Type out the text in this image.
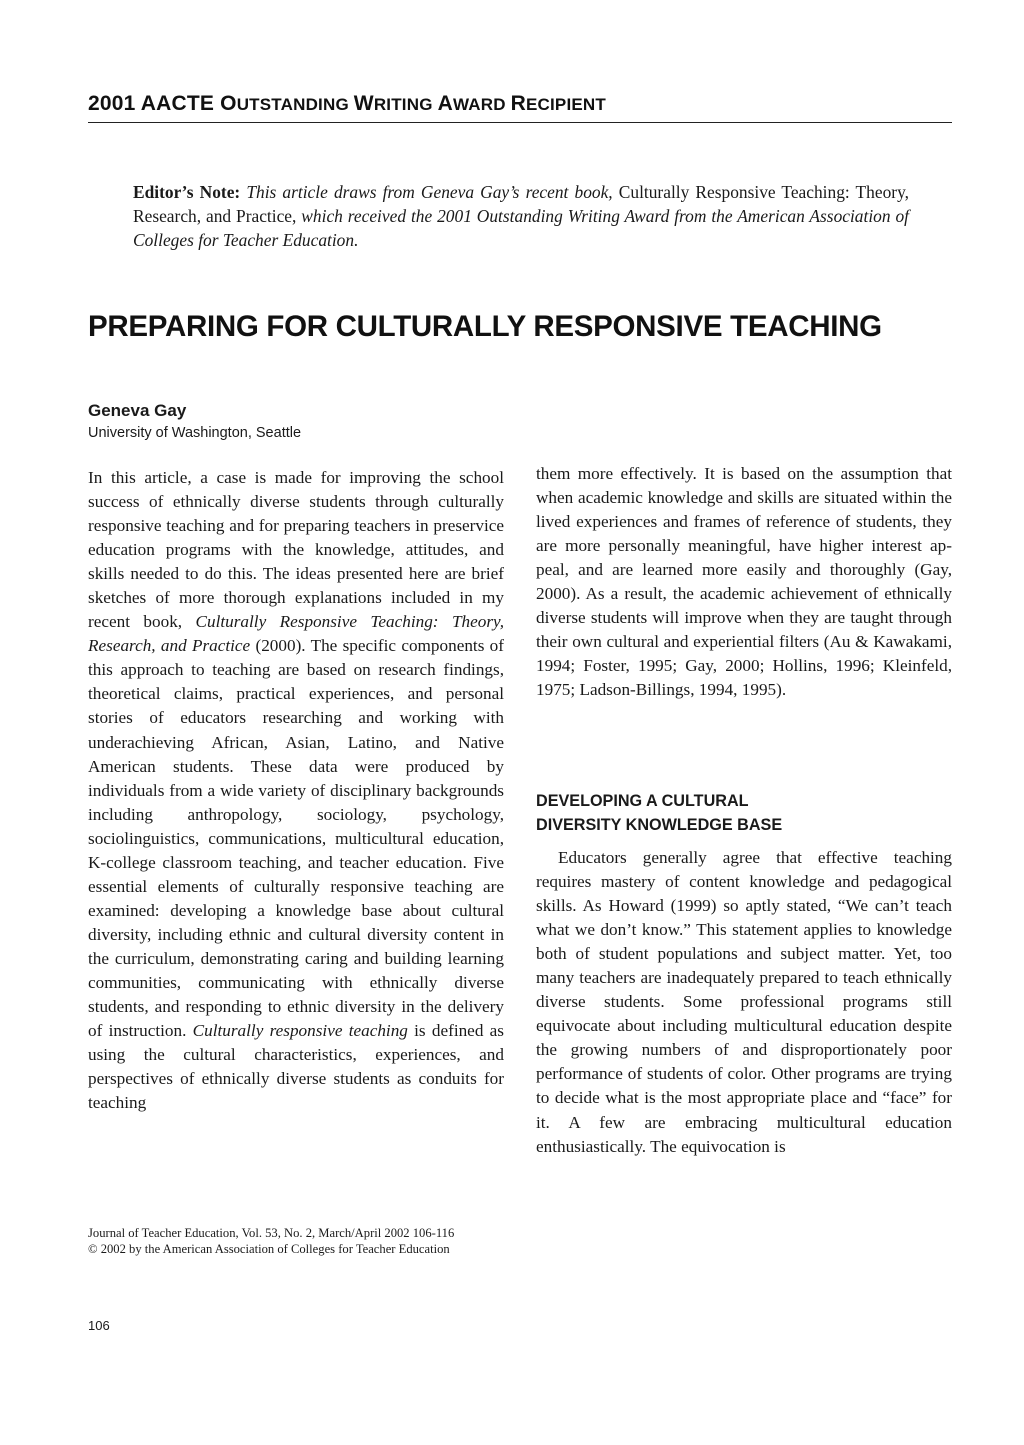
2001 AACTE OUTSTANDING WRITING AWARD RECIPIENT

Editor’s Note: This article draws from Geneva Gay’s recent book, Culturally Responsive Teaching: Theory, Research, and Practice, which received the 2001 Outstanding Writing Award from the American Association of Colleges for Teacher Education.

PREPARING FOR CULTURALLY RESPONSIVE TEACHING

Geneva Gay

University of Washington, Seattle

In this article, a case is made for improving the school success of ethnically diverse students through culturally responsive teaching and for preparing teachers in preservice education programs with the knowledge, attitudes, and skills needed to do this. The ideas presented here are brief sketches of more thorough explanations included in my recent book, Culturally Responsive Teaching: Theory, Research, and Practice (2000). The specific components of this approach to teaching are based on research findings, theoretical claims, practical experiences, and personal stories of educators researching and working with underachieving African, Asian, Latino, and Native American students. These data were produced by individuals from a wide variety of disciplinary backgrounds including anthropology, sociology, psychology, sociolinguistics, communications, multicultural education, K-college classroom teaching, and teacher education. Five essential elements of culturally responsive teaching are examined: developing a knowledge base about cultural diversity, including ethnic and cultural diversity content in the curriculum, demonstrating caring and building learning communities, communicating with ethnically diverse students, and responding to ethnic diversity in the delivery of instruction. Culturally responsive teaching is defined as using the cultural characteristics, experiences, and perspectives of ethnically diverse students as conduits for teaching

them more effectively. It is based on the assumption that when academic knowledge and skills are situated within the lived experiences and frames of reference of students, they are more personally meaningful, have higher interest appeal, and are learned more easily and thoroughly (Gay, 2000). As a result, the academic achievement of ethnically diverse students will improve when they are taught through their own cultural and experiential filters (Au & Kawakami, 1994; Foster, 1995; Gay, 2000; Hollins, 1996; Kleinfeld, 1975; Ladson-Billings, 1994, 1995).

DEVELOPING A CULTURAL
DIVERSITY KNOWLEDGE BASE

Educators generally agree that effective teaching requires mastery of content knowledge and pedagogical skills. As Howard (1999) so aptly stated, “We can’t teach what we don’t know.” This statement applies to knowledge both of student populations and subject matter. Yet, too many teachers are inadequately prepared to teach ethnically diverse students. Some professional programs still equivocate about including multicultural education despite the growing numbers of and disproportionately poor performance of students of color. Other programs are trying to decide what is the most appropriate place and “face” for it. A few are embracing multicultural education enthusiastically. The equivocation is

Journal of Teacher Education, Vol. 53, No. 2, March/April 2002 106-116
© 2002 by the American Association of Colleges for Teacher Education

106
